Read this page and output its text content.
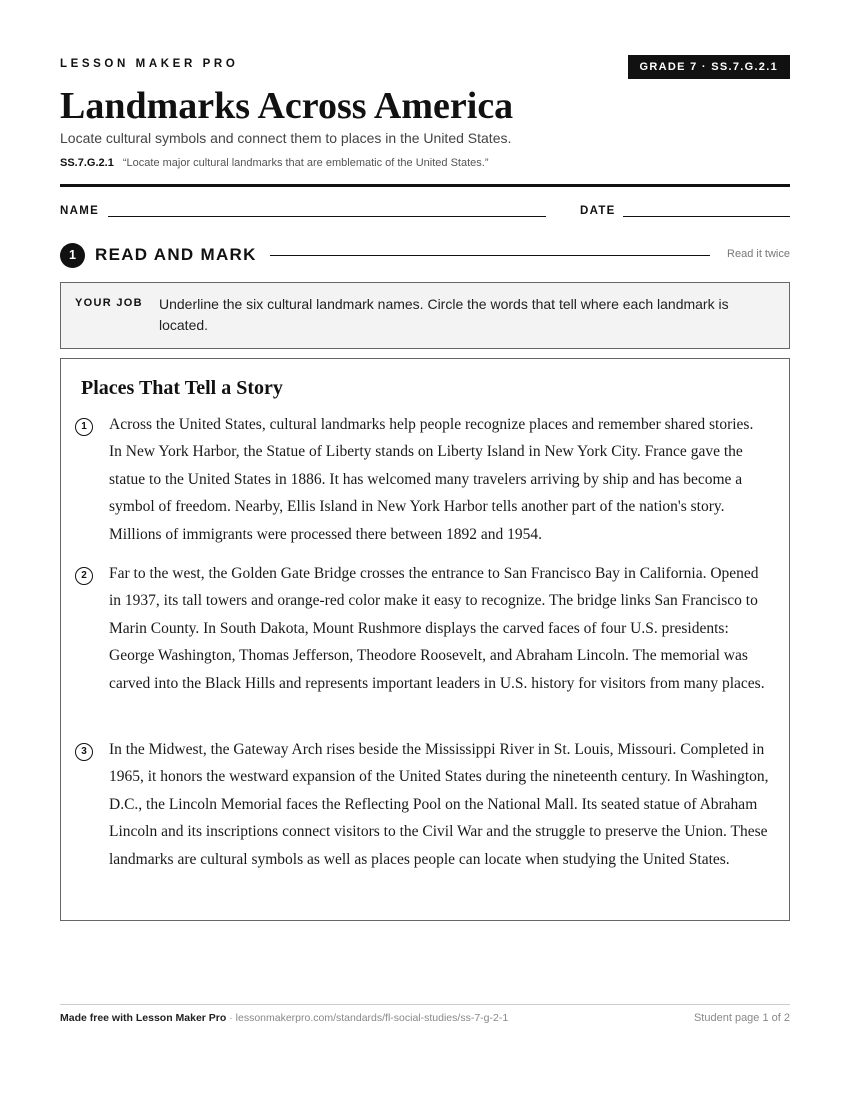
LESSON MAKER PRO	GRADE 7 · SS.7.G.2.1
Landmarks Across America
Locate cultural symbols and connect them to places in the United States.
SS.7.G.2.1 “Locate major cultural landmarks that are emblematic of the United States.”
NAME	DATE
1	READ AND MARK	Read it twice
YOUR JOB Underline the six cultural landmark names. Circle the words that tell where each landmark is located.
Places That Tell a Story
1	Across the United States, cultural landmarks help people recognize places and remember shared stories. In New York Harbor, the Statue of Liberty stands on Liberty Island in New York City. France gave the statue to the United States in 1886. It has welcomed many travelers arriving by ship and has become a symbol of freedom. Nearby, Ellis Island in New York Harbor tells another part of the nation's story. Millions of immigrants were processed there between 1892 and 1954.

2	Far to the west, the Golden Gate Bridge crosses the entrance to San Francisco Bay in California. Opened in 1937, its tall towers and orange-red color make it easy to recognize. The bridge links San Francisco to Marin County. In South Dakota, Mount Rushmore displays the carved faces of four U.S. presidents: George Washington, Thomas Jefferson, Theodore Roosevelt, and Abraham Lincoln. The memorial was carved into the Black Hills and represents important leaders in U.S. history for visitors from many places.

3	In the Midwest, the Gateway Arch rises beside the Mississippi River in St. Louis, Missouri. Completed in 1965, it honors the westward expansion of the United States during the nineteenth century. In Washington, D.C., the Lincoln Memorial faces the Reflecting Pool on the National Mall. Its seated statue of Abraham Lincoln and its inscriptions connect visitors to the Civil War and the struggle to preserve the Union. These landmarks are cultural symbols as well as places people can locate when studying the United States.

Made free with Lesson Maker Pro · lessonmakerpro.com/standards/fl-social-studies/ss-7-g-2-1	Student page 1 of 2
